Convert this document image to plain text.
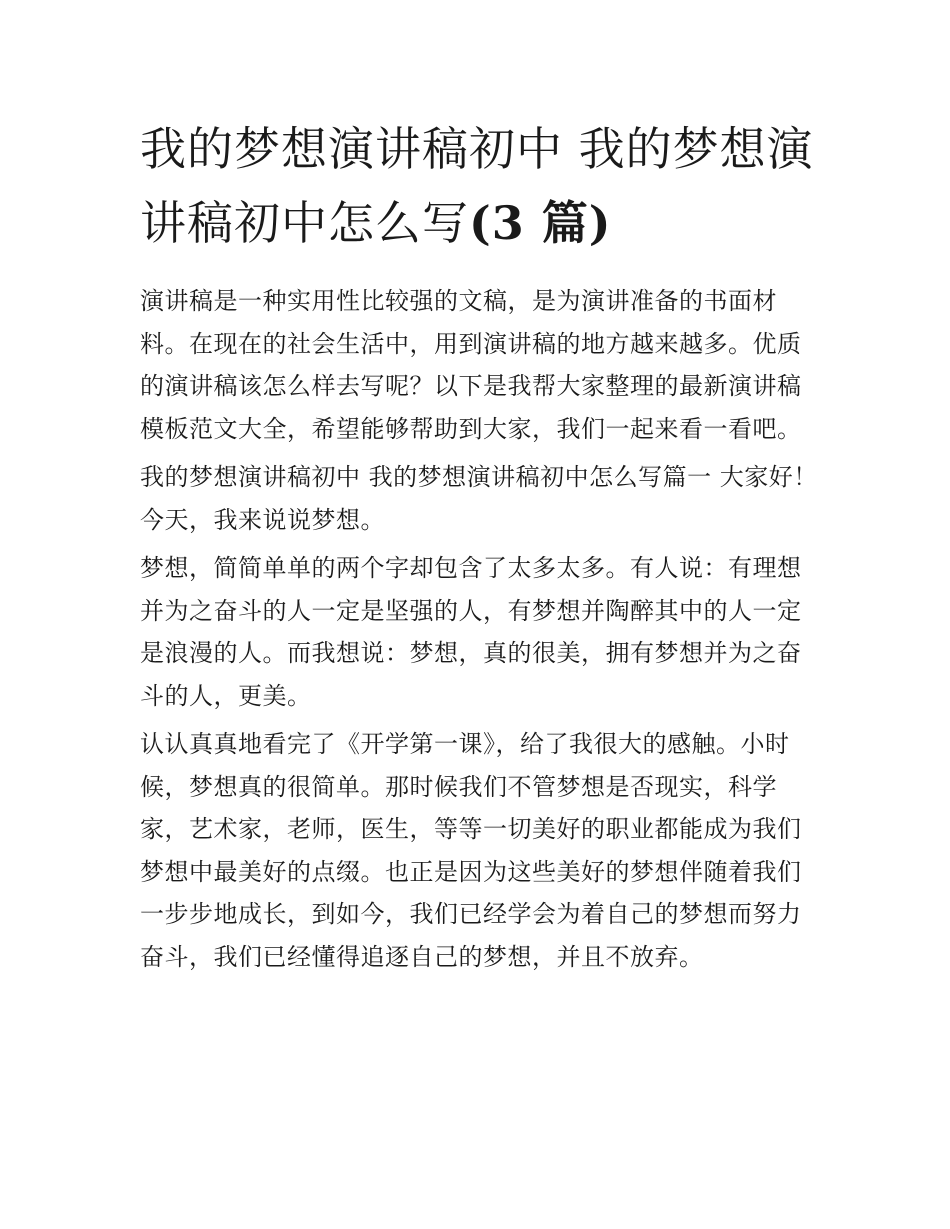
我的梦想演讲稿初中 我的梦想演讲稿初中怎么写(3 篇)

演讲稿是一种实用性比较强的文稿，是为演讲准备的书面材料。在现在的社会生活中，用到演讲稿的地方越来越多。优质的演讲稿该怎么样去写呢？以下是我帮大家整理的最新演讲稿模板范文大全，希望能够帮助到大家，我们一起来看一看吧。

我的梦想演讲稿初中 我的梦想演讲稿初中怎么写篇一 大家好！ 今天，我来说说梦想。

梦想，简简单单的两个字却包含了太多太多。有人说：有理想并为之奋斗的人一定是坚强的人，有梦想并陶醉其中的人一定是浪漫的人。而我想说：梦想，真的很美，拥有梦想并为之奋斗的人，更美。

认认真真地看完了《开学第一课》，给了我很大的感触。小时候，梦想真的很简单。那时候我们不管梦想是否现实，科学家，艺术家，老师，医生，等等一切美好的职业都能成为我们梦想中最美好的点缀。也正是因为这些美好的梦想伴随着我们一步步地成长，到如今，我们已经学会为着自己的梦想而努力奋斗，我们已经懂得追逐自己的梦想，并且不放弃。
